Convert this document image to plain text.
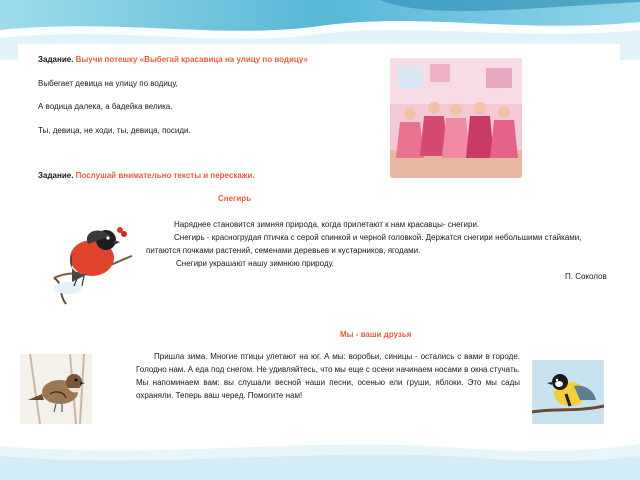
Задание. Выучи потешку «Выбегай красавица на улицу по водицу»
Выбегает девица на улицу по водицу,
А водица далека, а бадейка велика.
Ты, девица, не ходи, ты, девица, посиди.
Задание. Послушай внимательно тексты и перескажи.
Снегирь
Наряднее становится зимняя природа, когда прилетают к нам красавцы- снегири.
Снегирь - красногрудая птичка с серой спинкой и черной головкой. Держатся снегири небольшими стайками,
питаются почками растений, семенами деревьев и кустарников, ягодами.
Снегири украшают нашу зимнюю природу.
П. Соколов
Мы - ваши друзья
Пришла зима. Многие птицы улетают на юг. А мы: воробьи, синицы - остались с вами в городе. Голодно нам. А еда под снегом. Не удивляйтесь, что мы еще с осени начинаем носами в окна стучать. Мы напоминаем вам: вы слушали весной наши песни, осенью ели груши, яблоки. Это мы сады охраняли. Теперь ваш черед. Помогите нам!
